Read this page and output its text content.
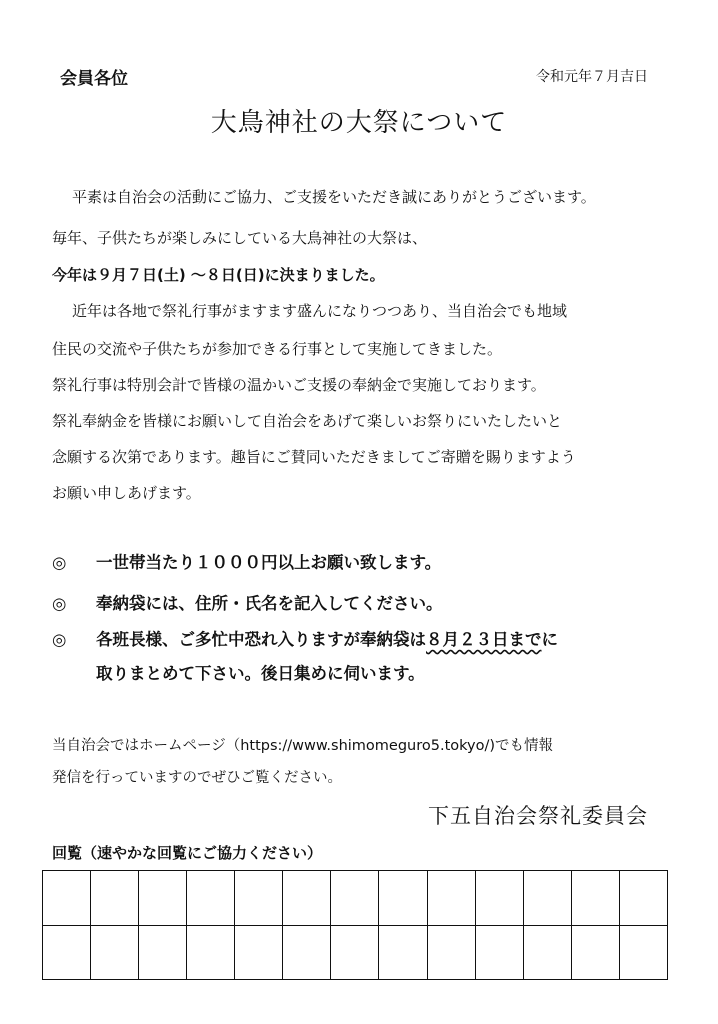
会員各位	令和元年７月吉日
大鳥神社の大祭について
平素は自治会の活動にご協力、ご支援をいただき誠にありがとうございます。
毎年、子供たちが楽しみにしている大鳥神社の大祭は、
今年は９月７日(土) ～８日(日)に決まりました。
近年は各地で祭礼行事がますます盛んになりつつあり、当自治会でも地域
住民の交流や子供たちが参加できる行事として実施してきました。
祭礼行事は特別会計で皆様の温かいご支援の奉納金で実施しております。
祭礼奉納金を皆様にお願いして自治会をあげて楽しいお祭りにいたしたいと
念願する次第であります。趣旨にご賛同いただきましてご寄贈を賜りますよう
お願い申しあげます。
◎ 一世帯当たり１０００円以上お願い致します。
◎ 奉納袋には、住所・氏名を記入してください。
◎ 各班長様、ご多忙中恐れ入りますが奉納袋は８月２３日までに
取りまとめて下さい。後日集めに伺います。
当自治会ではホームページ（https://www.shimomeguro5.tokyo/)でも情報
発信を行っていますのでぜひご覧ください。
下五自治会祭礼委員会
回覧（速やかな回覧にご協力ください）
